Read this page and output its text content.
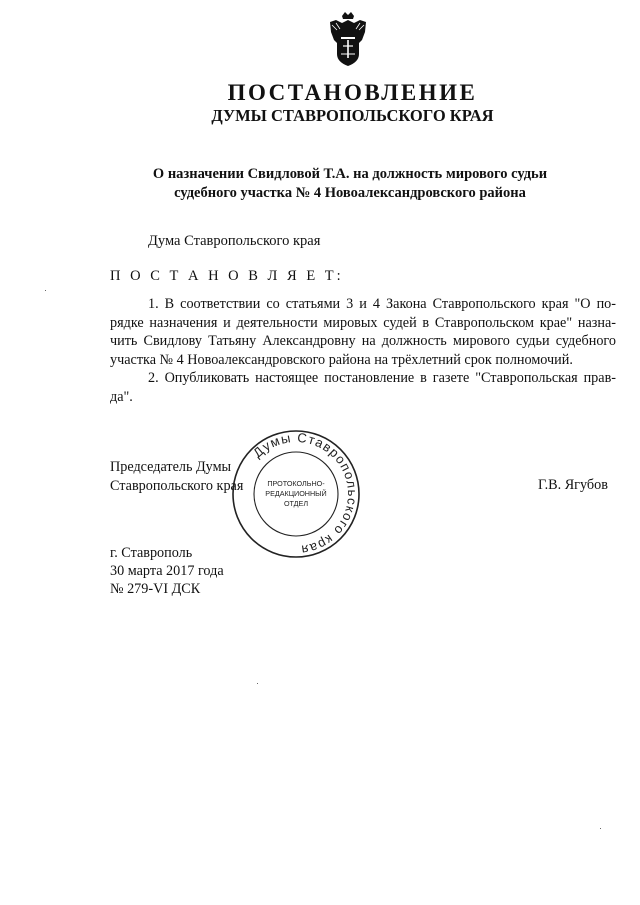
ПОСТАНОВЛЕНИЕ
ДУМЫ СТАВРОПОЛЬСКОГО КРАЯ
О назначении Свидловой Т.А. на должность мирового судьи
судебного участка № 4 Новоалександровского района
Дума Ставропольского края
П О С Т А Н О В Л Я Е Т:
1. В соответствии со статьями 3 и 4 Закона Ставропольского края "О по-
рядке назначения и деятельности мировых судей в Ставропольском крае" назна-
чить Свидлову Татьяну Александровну на должность мирового судьи судебного
участка № 4 Новоалександровского района на трёхлетний срок полномочий.
2. Опубликовать настоящее постановление в газете "Ставропольская прав-
да".
Председатель Думы
Ставропольского края	Г.В. Ягубов
Думы Ставропольского края
ПРОТОКОЛЬНО-
РЕДАКЦИОННЫЙ
ОТДЕЛ
г. Ставрополь
30 марта 2017 года
№ 279-VI ДСК
